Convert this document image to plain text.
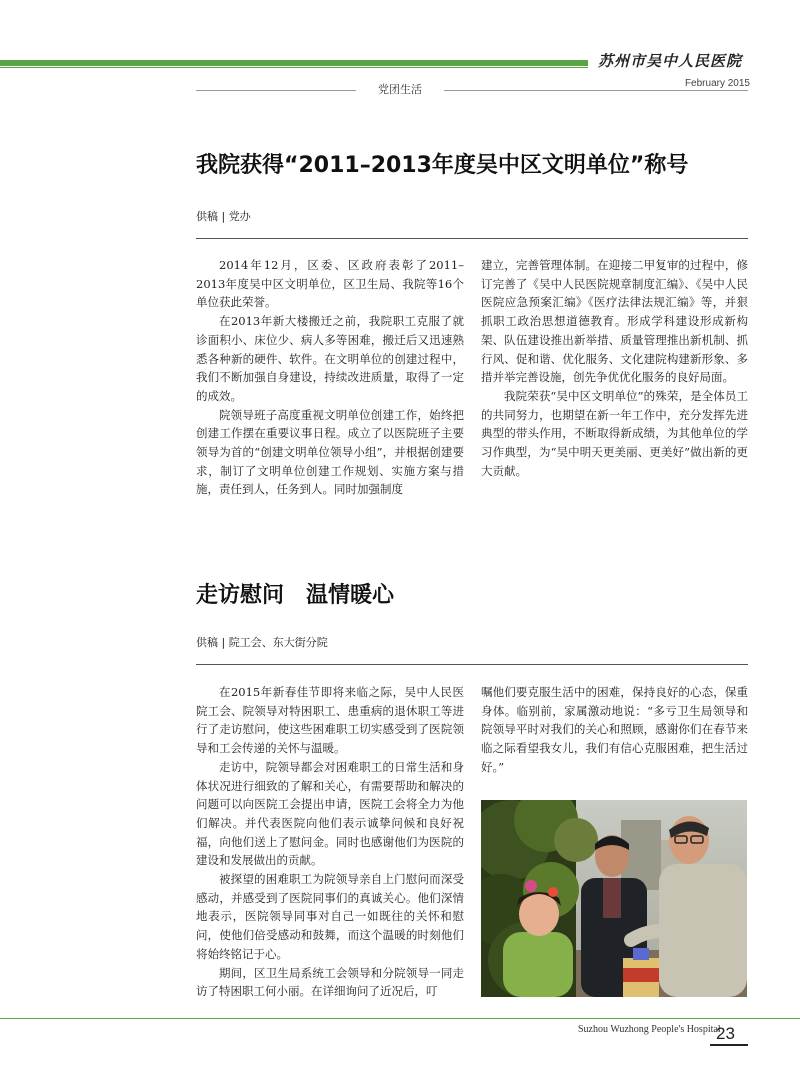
苏州市吴中人民医院
February 2015
党团生活
我院获得“2011–2013年度吴中区文明单位”称号
供稿 | 党办

2014年12月，区委、区政府表彰了2011–2013年度吴中区文明单位，区卫生局、我院等16个单位获此荣誉。

在2013年新大楼搬迁之前，我院职工克服了就诊面积小、床位少、病人多等困难，搬迁后又迅速熟悉各种新的硬件、软件。在文明单位的创建过程中，我们不断加强自身建设，持续改进质量，取得了一定的成效。

院领导班子高度重视文明单位创建工作，始终把创建工作摆在重要议事日程。成立了以医院班子主要领导为首的“创建文明单位领导小组”，并根据创建要求，制订了文明单位创建工作规划、实施方案与措施，责任到人，任务到人。同时加强制度

建立，完善管理体制。在迎接二甲复审的过程中，修订完善了《吴中人民医院规章制度汇编》、《吴中人民医院应急预案汇编》《医疗法律法规汇编》等，并狠抓职工政治思想道德教育。形成学科建设形成新构架、队伍建设推出新举措、质量管理推出新机制、抓行风、促和谐、优化服务、文化建院构建新形象、多措并举完善设施，创先争优优化服务的良好局面。

我院荣获“吴中区文明单位”的殊荣，是全体员工的共同努力，也期望在新一年工作中，充分发挥先进典型的带头作用，不断取得新成绩，为其他单位的学习作典型，为“吴中明天更美丽、更美好”做出新的更大贡献。

走访慰问　温情暖心
供稿 | 院工会、东大街分院

在2015年新春佳节即将来临之际，吴中人民医院工会、院领导对特困职工、患重病的退休职工等进行了走访慰问，使这些困难职工切实感受到了医院领导和工会传递的关怀与温暖。

走访中，院领导都会对困难职工的日常生活和身体状况进行细致的了解和关心，有需要帮助和解决的问题可以向医院工会提出申请，医院工会将全力为他们解决。并代表医院向他们表示诚挚问候和良好祝福，向他们送上了慰问金。同时也感谢他们为医院的建设和发展做出的贡献。

被探望的困难职工为院领导亲自上门慰问而深受感动，并感受到了医院同事们的真诚关心。他们深情地表示，医院领导同事对自己一如既往的关怀和慰问，使他们倍受感动和鼓舞，而这个温暖的时刻他们将始终铭记于心。

期间，区卫生局系统工会领导和分院领导一同走访了特困职工何小丽。在详细询问了近况后，叮

嘱他们要克服生活中的困难，保持良好的心态，保重身体。临别前，家属激动地说：“多亏卫生局领导和院领导平时对我们的关心和照顾，感谢你们在春节来临之际看望我女儿，我们有信心克服困难，把生活过好。”

Suzhou Wuzhong People's Hospital
23
